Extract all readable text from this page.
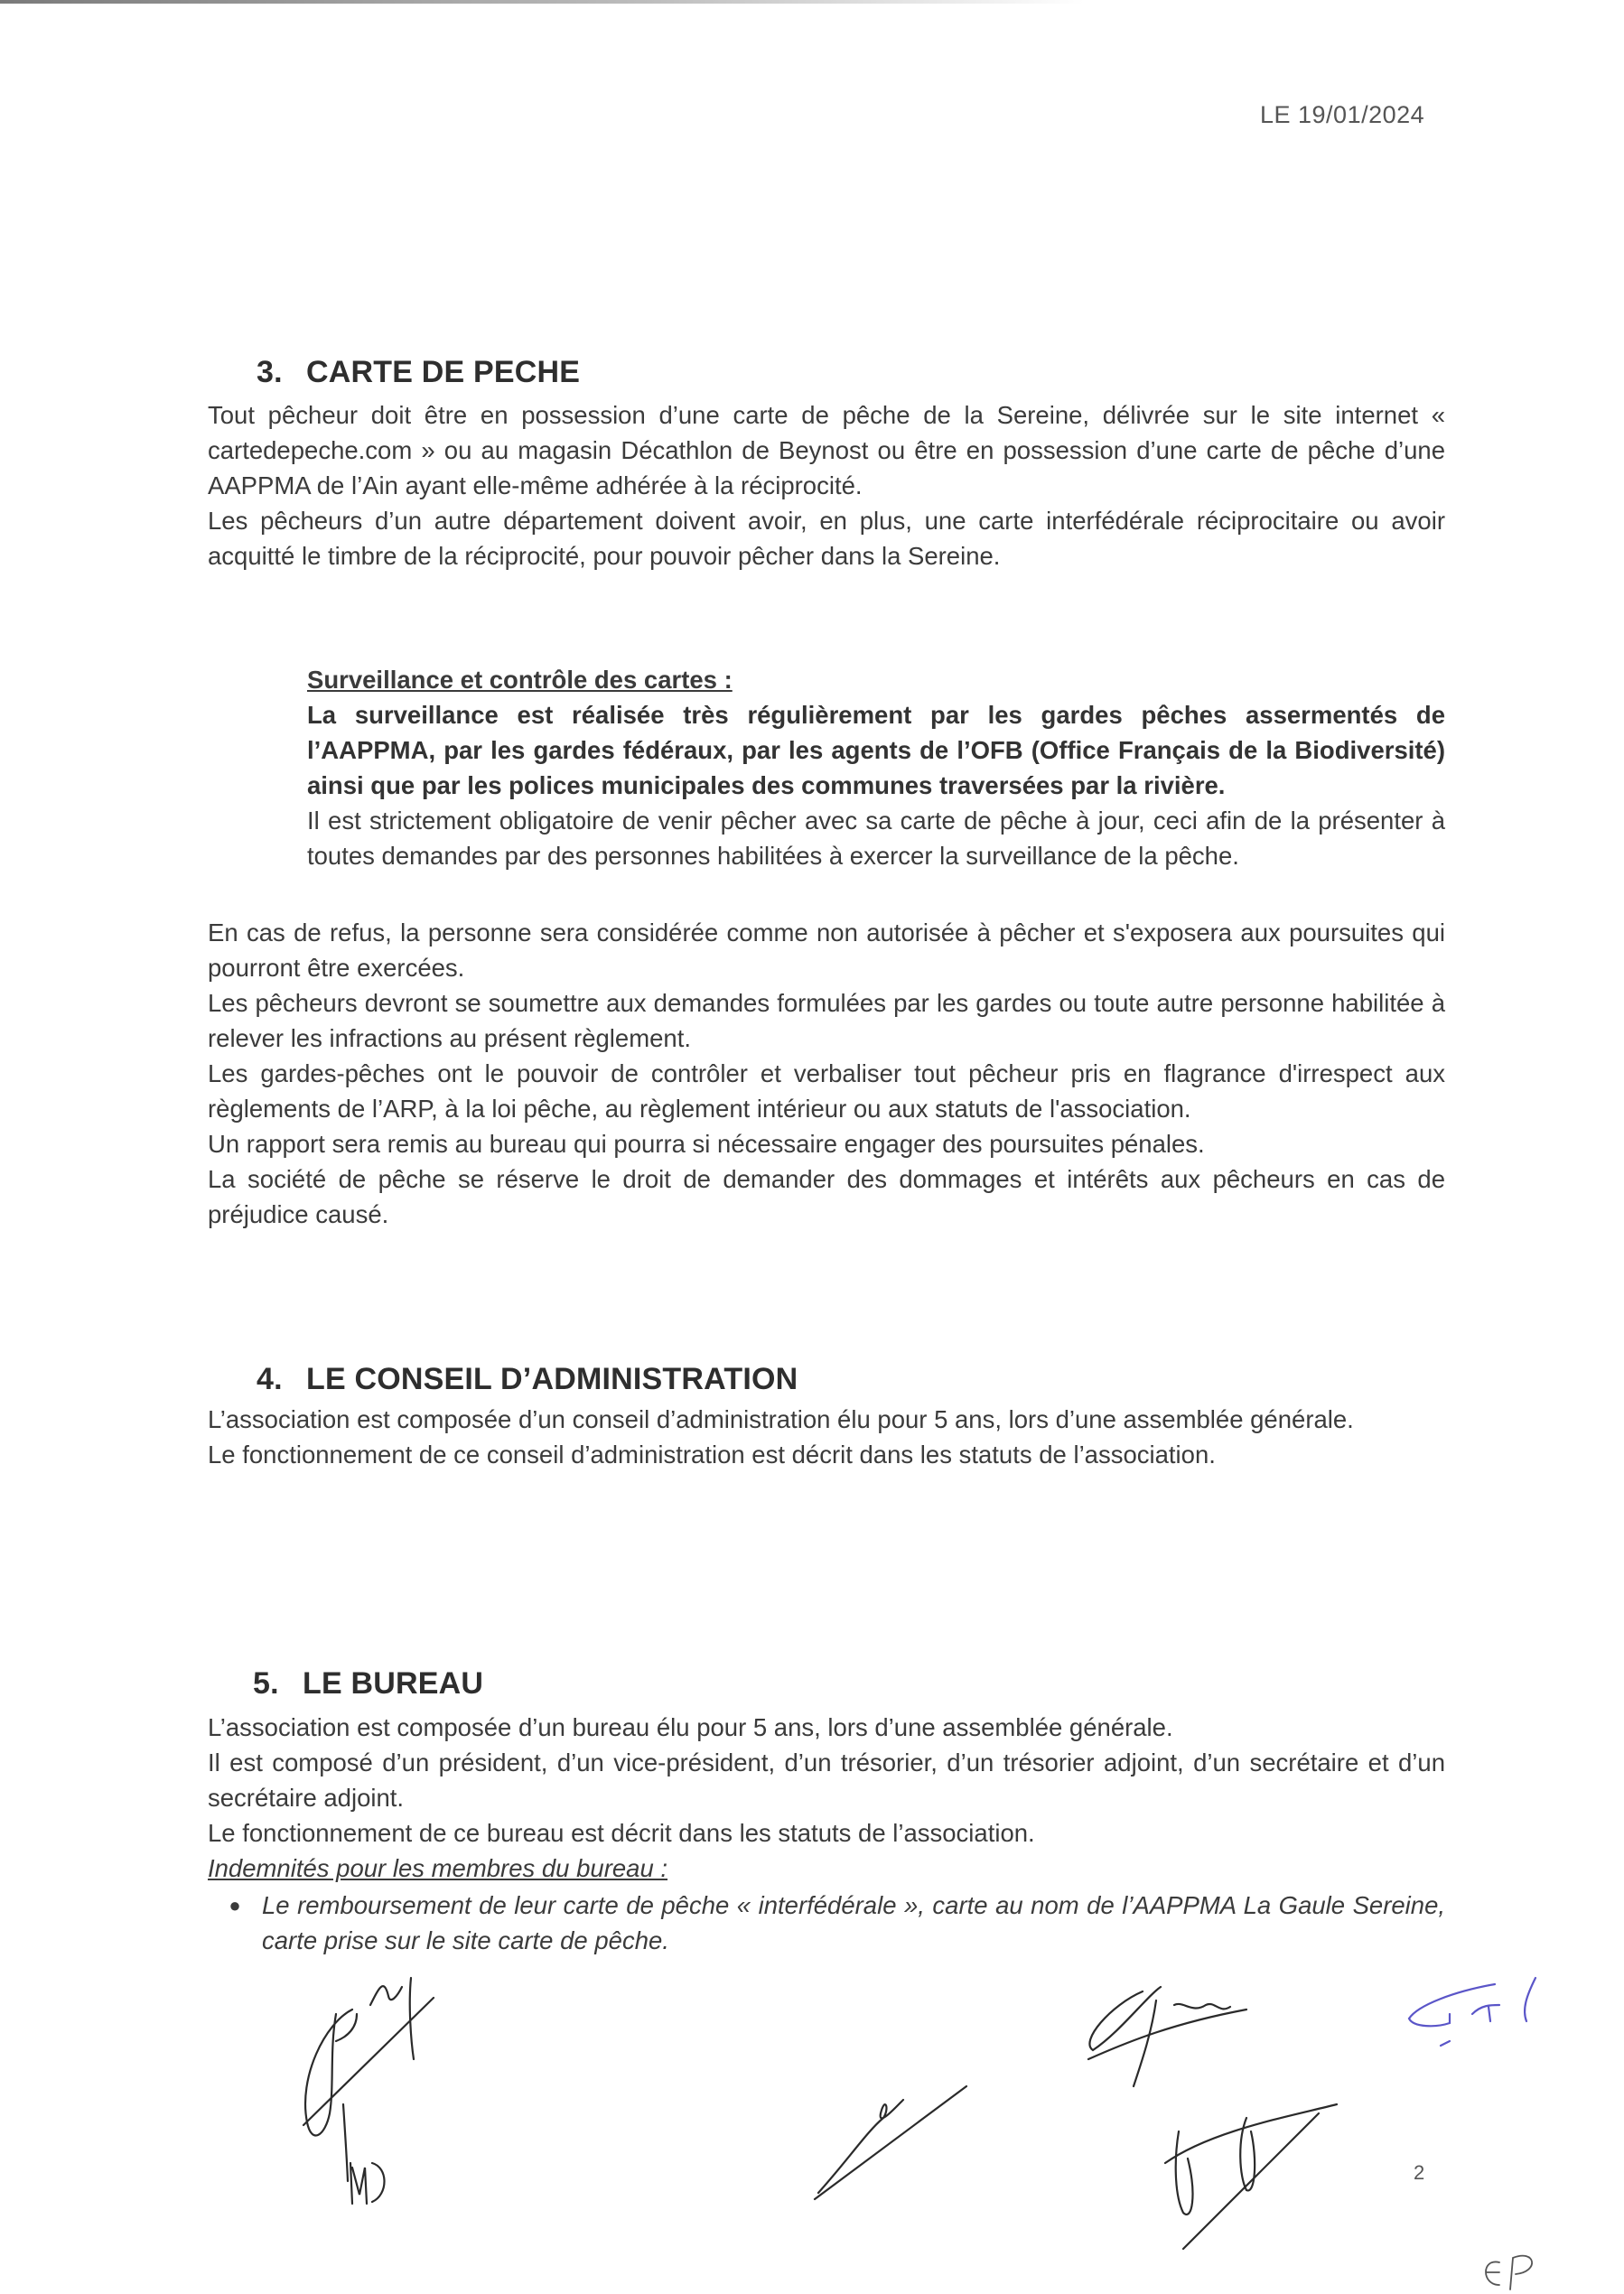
LE 19/01/2024
3. CARTE DE PECHE

Tout pêcheur doit être en possession d’une carte de pêche de la Sereine, délivrée sur le site internet « cartedepeche.com » ou au magasin Décathlon de Beynost ou être en possession d’une carte de pêche d’une AAPPMA de l’Ain ayant elle-même adhérée à la réciprocité.

Les pêcheurs d’un autre département doivent avoir, en plus, une carte interfédérale réciprocitaire ou avoir acquitté le timbre de la réciprocité, pour pouvoir pêcher dans la Sereine.

Surveillance et contrôle des cartes :

La surveillance est réalisée très régulièrement par les gardes pêches assermentés de l’AAPPMA, par les gardes fédéraux, par les agents de l’OFB (Office Français de la Biodiversité) ainsi que par les polices municipales des communes traversées par la rivière.

Il est strictement obligatoire de venir pêcher avec sa carte de pêche à jour, ceci afin de la présenter à toutes demandes par des personnes habilitées à exercer la surveillance de la pêche.

En cas de refus, la personne sera considérée comme non autorisée à pêcher et s'exposera aux poursuites qui pourront être exercées.

Les pêcheurs devront se soumettre aux demandes formulées par les gardes ou toute autre personne habilitée à relever les infractions au présent règlement.

Les gardes-pêches ont le pouvoir de contrôler et verbaliser tout pêcheur pris en flagrance d'irrespect aux règlements de l’ARP, à la loi pêche, au règlement intérieur ou aux statuts de l'association.

Un rapport sera remis au bureau qui pourra si nécessaire engager des poursuites pénales.

La société de pêche se réserve le droit de demander des dommages et intérêts aux pêcheurs en cas de préjudice causé.

4. LE CONSEIL D’ADMINISTRATION

L’association est composée d’un conseil d’administration élu pour 5 ans, lors d’une assemblée générale.

Le fonctionnement de ce conseil d’administration est décrit dans les statuts de l’association.

5. LE BUREAU

L’association est composée d’un bureau élu pour 5 ans, lors d’une assemblée générale.

Il est composé d’un président, d’un vice-président, d’un trésorier, d’un trésorier adjoint, d’un secrétaire et d’un secrétaire adjoint.

Le fonctionnement de ce bureau est décrit dans les statuts de l’association.

Indemnités pour les membres du bureau :

● Le remboursement de leur carte de pêche « interfédérale », carte au nom de l’AAPPMA La Gaule Sereine, carte prise sur le site carte de pêche.
2
